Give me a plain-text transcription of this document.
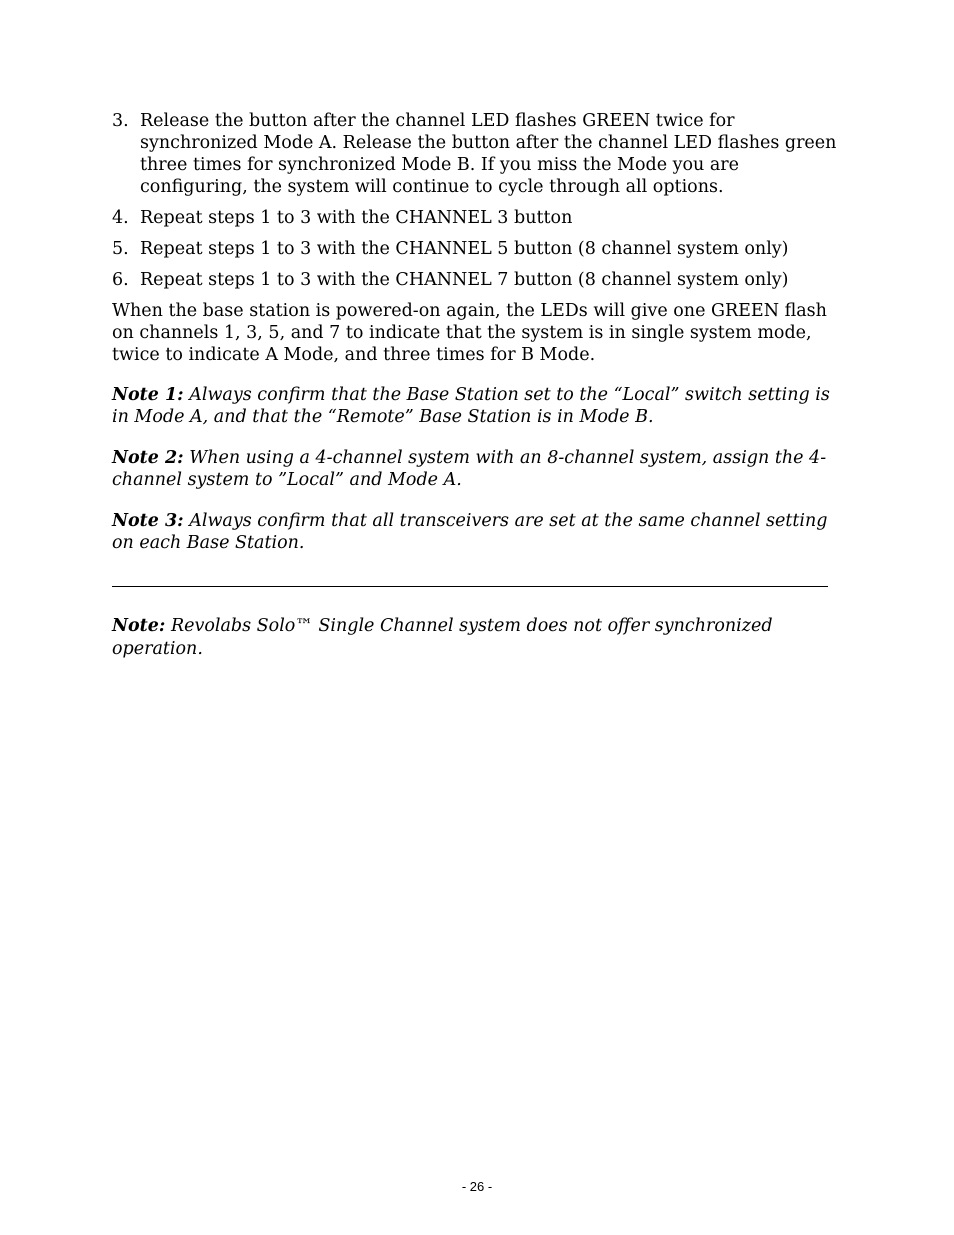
3. Release the button after the channel LED flashes GREEN twice for synchronized Mode A. Release the button after the channel LED flashes green three times for synchronized Mode B. If you miss the Mode you are configuring, the system will continue to cycle through all options.
4. Repeat steps 1 to 3 with the CHANNEL 3 button
5. Repeat steps 1 to 3 with the CHANNEL 5 button (8 channel system only)
6. Repeat steps 1 to 3 with the CHANNEL 7 button (8 channel system only)

When the base station is powered-on again, the LEDs will give one GREEN flash on channels 1, 3, 5, and 7 to indicate that the system is in single system mode, twice to indicate A Mode, and three times for B Mode.

Note 1: Always confirm that the Base Station set to the “Local” switch setting is in Mode A, and that the “Remote” Base Station is in Mode B.

Note 2: When using a 4-channel system with an 8-channel system, assign the 4-channel system to ”Local” and Mode A.

Note 3: Always confirm that all transceivers are set at the same channel setting on each Base Station.

Note: Revolabs Solo™ Single Channel system does not offer synchronized operation.

- 26 -
